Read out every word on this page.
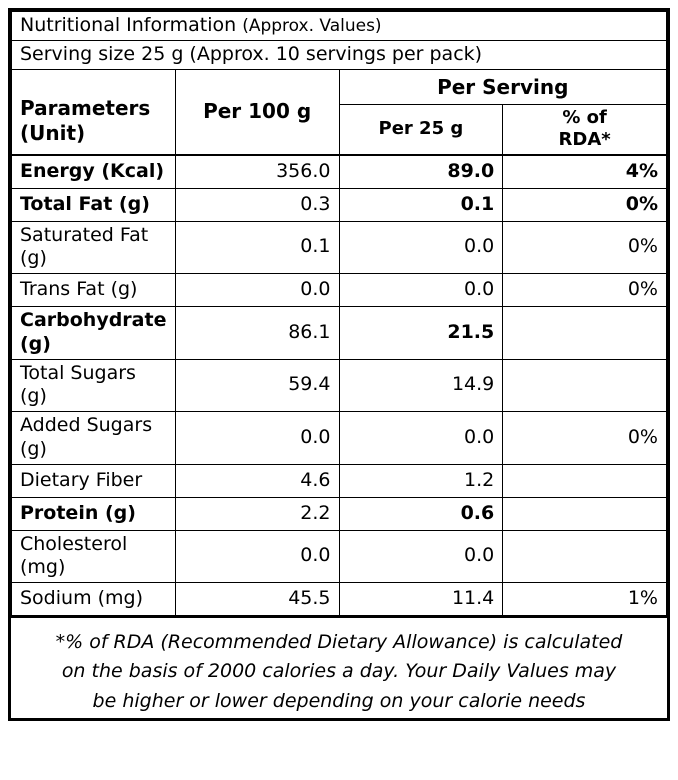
Nutritional Information (Approx. Values)			
Serving size 25 g (Approx. 10 servings per pack)			
Parameters (Unit)	Per 100 g	Per Serving	
		Per 25 g	% of
RDA*
Energy (Kcal)	356.0	89.0	4%
Total Fat (g)	0.3	0.1	0%
Saturated Fat (g)	0.1	0.0	0%
Trans Fat (g)	0.0	0.0	0%
Carbohydrate (g)	86.1	21.5	
Total Sugars (g)	59.4	14.9	
Added Sugars (g)	0.0	0.0	0%
Dietary Fiber	4.6	1.2	
Protein (g)	2.2	0.6	
Cholesterol (mg)	0.0	0.0	
Sodium (mg)	45.5	11.4	1%
*% of RDA (Recommended Dietary Allowance) is calculated
on the basis of 2000 calories a day. Your Daily Values may
be higher or lower depending on your calorie needs
